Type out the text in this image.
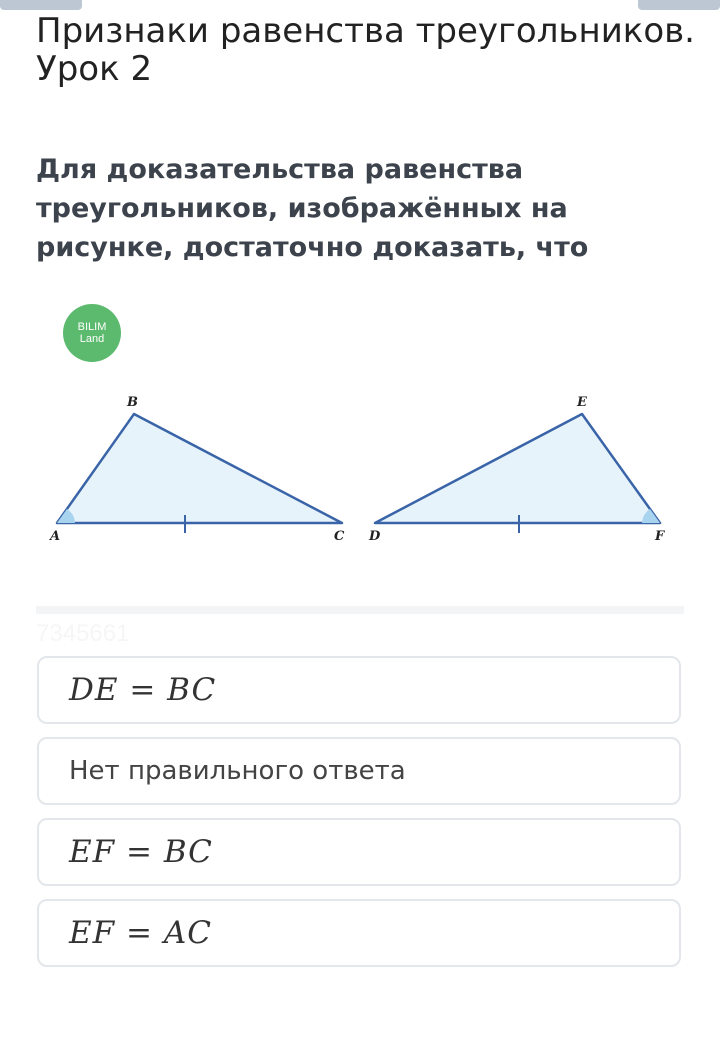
Признаки равенства треугольников. Урок 2
Для доказательства равенства треугольников, изображённых на рисунке, достаточно доказать, что
BILIM
Land
B
A	C D
E
F
7345661
DE = BC
Нет правильного ответа
EF = BC
EF = AC
